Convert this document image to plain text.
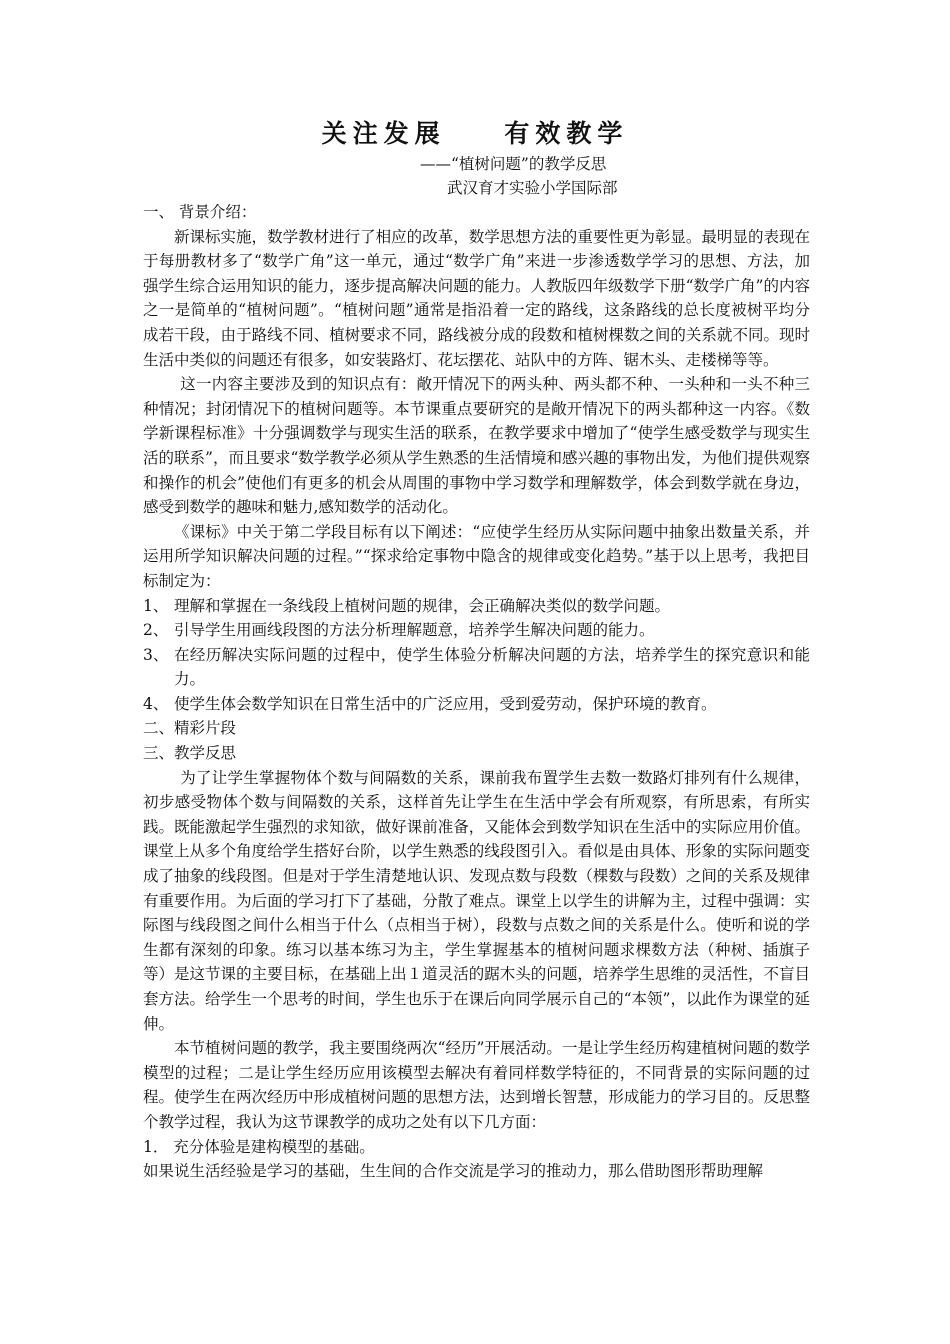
关注发展    有效教学
——“植树问题”的教学反思
武汉育才实验小学国际部

一、 背景介绍：

新课标实施，数学教材进行了相应的改革，数学思想方法的重要性更为彰显。最明显的表现在于每册教材多了“数学广角”这一单元，通过“数学广角”来进一步渗透数学学习的思想、方法，加强学生综合运用知识的能力，逐步提高解决问题的能力。人教版四年级数学下册“数学广角”的内容之一是简单的“植树问题”。“植树问题”通常是指沿着一定的路线，这条路线的总长度被树平均分成若干段，由于路线不同、植树要求不同，路线被分成的段数和植树棵数之间的关系就不同。现时生活中类似的问题还有很多，如安装路灯、花坛摆花、站队中的方阵、锯木头、走楼梯等等。

这一内容主要涉及到的知识点有：敞开情况下的两头种、两头都不种、一头种和一头不种三种情况；封闭情况下的植树问题等。本节课重点要研究的是敞开情况下的两头都种这一内容。《数学新课程标准》十分强调数学与现实生活的联系，在教学要求中增加了“使学生感受数学与现实生活的联系”，而且要求“数学教学必须从学生熟悉的生活情境和感兴趣的事物出发，为他们提供观察和操作的机会”使他们有更多的机会从周围的事物中学习数学和理解数学，体会到数学就在身边，感受到数学的趣味和魅力,感知数学的活动化。

《课标》中关于第二学段目标有以下阐述：“应使学生经历从实际问题中抽象出数量关系，并运用所学知识解决问题的过程。”“探求给定事物中隐含的规律或变化趋势。”基于以上思考，我把目标制定为：

1、 理解和掌握在一条线段上植树问题的规律，会正确解决类似的数学问题。
2、 引导学生用画线段图的方法分析理解题意，培养学生解决问题的能力。
3、 在经历解决实际问题的过程中，使学生体验分析解决问题的方法，培养学生的探究意识和能力。
4、 使学生体会数学知识在日常生活中的广泛应用，受到爱劳动，保护环境的教育。

二、精彩片段

三、教学反思

为了让学生掌握物体个数与间隔数的关系，课前我布置学生去数一数路灯排列有什么规律，初步感受物体个数与间隔数的关系，这样首先让学生在生活中学会有所观察，有所思索，有所实践。既能激起学生强烈的求知欲，做好课前准备，又能体会到数学知识在生活中的实际应用价值。课堂上从多个角度给学生搭好台阶，以学生熟悉的线段图引入。看似是由具体、形象的实际问题变成了抽象的线段图。但是对于学生清楚地认识、发现点数与段数（棵数与段数）之间的关系及规律有重要作用。为后面的学习打下了基础，分散了难点。课堂上以学生的讲解为主，过程中强调：实际图与线段图之间什么相当于什么（点相当于树），段数与点数之间的关系是什么。使听和说的学生都有深刻的印象。练习以基本练习为主，学生掌握基本的植树问题求棵数方法（种树、插旗子等）是这节课的主要目标，在基础上出１道灵活的踞木头的问题，培养学生思维的灵活性，不盲目套方法。给学生一个思考的时间，学生也乐于在课后向同学展示自己的“本领”，以此作为课堂的延伸。

本节植树问题的教学，我主要围绕两次“经历”开展活动。一是让学生经历构建植树问题的数学模型的过程；二是让学生经历应用该模型去解决有着同样数学特征的，不同背景的实际问题的过程。使学生在两次经历中形成植树问题的思想方法，达到增长智慧，形成能力的学习目的。反思整个教学过程，我认为这节课教学的成功之处有以下几方面：

1． 充分体验是建构模型的基础。

如果说生活经验是学习的基础，生生间的合作交流是学习的推动力，那么借助图形帮助理解
